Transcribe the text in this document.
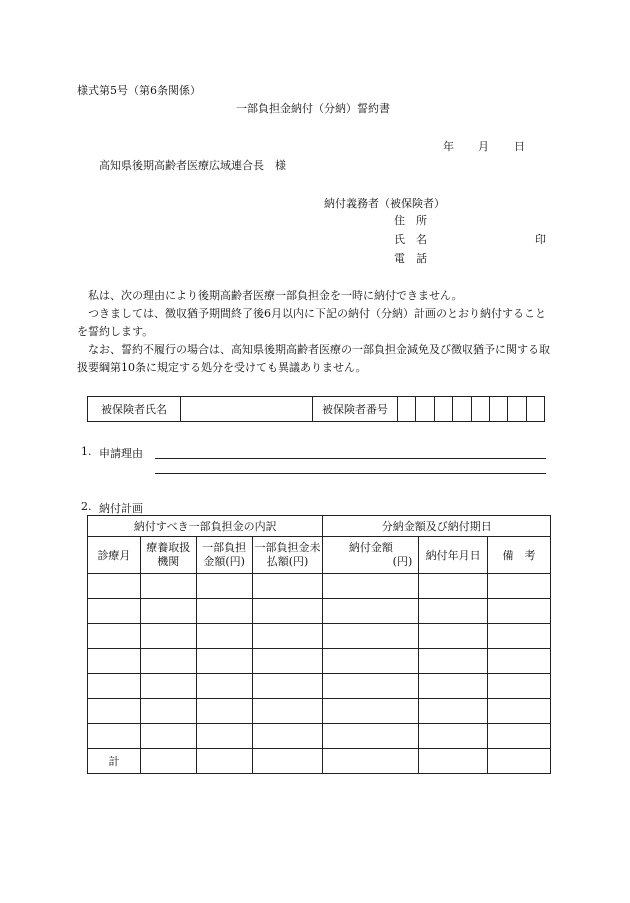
様式第5号（第6条関係）
一部負担金納付（分納）誓約書
年 月 日
高知県後期高齢者医療広域連合長　様
納付義務者（被保険者）
住　所
氏　名	印
電　話
私は、次の理由により後期高齢者医療一部負担金を一時に納付できません。
つきましては、徴収猶予期間終了後6月以内に下記の納付（分納）計画のとおり納付することを誓約します。
なお、誓約不履行の場合は、高知県後期高齢者医療の一部負担金減免及び徴収猶予に関する取扱要綱第10条に規定する処分を受けても異議ありません。
被保険者氏名		被保険者番号								
1. 申請理由
2. 納付計画
納付すべき一部負担金の内訳				分納金額及び納付期日		
診療月	療養取扱機関	一部負担金額(円)	一部負担金未払額(円)	納付金額
(円)	納付年月日	備　考

計						
